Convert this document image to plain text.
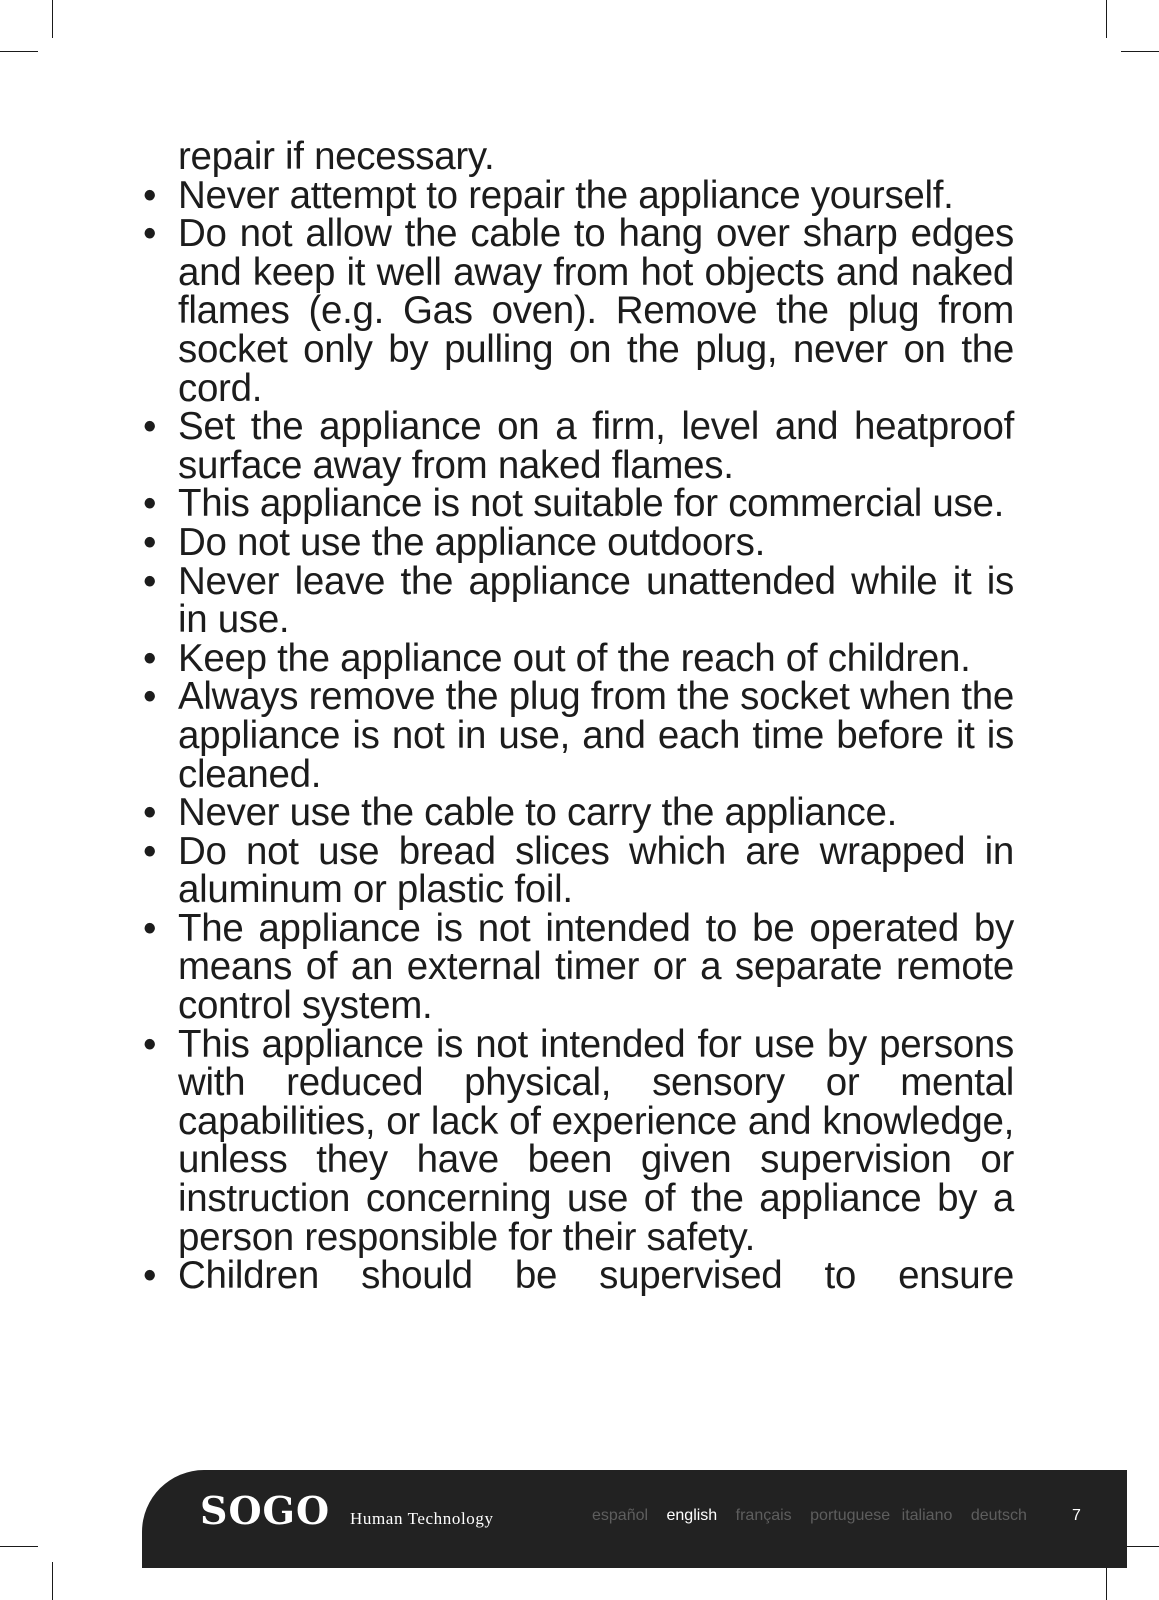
repair if necessary.
• Never attempt to repair the appliance yourself.
• Do not allow the cable to hang over sharp edges and keep it well away from hot objects and naked flames (e.g. Gas oven). Remove the plug from socket only by pulling on the plug, never on the cord.
• Set the appliance on a firm, level and heatproof surface away from naked flames.
• This appliance is not suitable for commercial use.
• Do not use the appliance outdoors.
• Never leave the appliance unattended while it is in use.
• Keep the appliance out of the reach of children.
• Always remove the plug from the socket when the appliance is not in use, and each time before it is cleaned.
• Never use the cable to carry the appliance.
• Do not use bread slices which are wrapped in aluminum or plastic foil.
• The appliance is not intended to be operated by means of an external timer or a separate remote control system.
• This appliance is not intended for use by persons with reduced physical, sensory or mental capabilities, or lack of experience and knowledge, unless they have been given supervision or instruction concerning use of the appliance by a person responsible for their safety.
• Children should be supervised to ensure
SOGO Human Technology	español english français portuguese italiano deutsch	7
